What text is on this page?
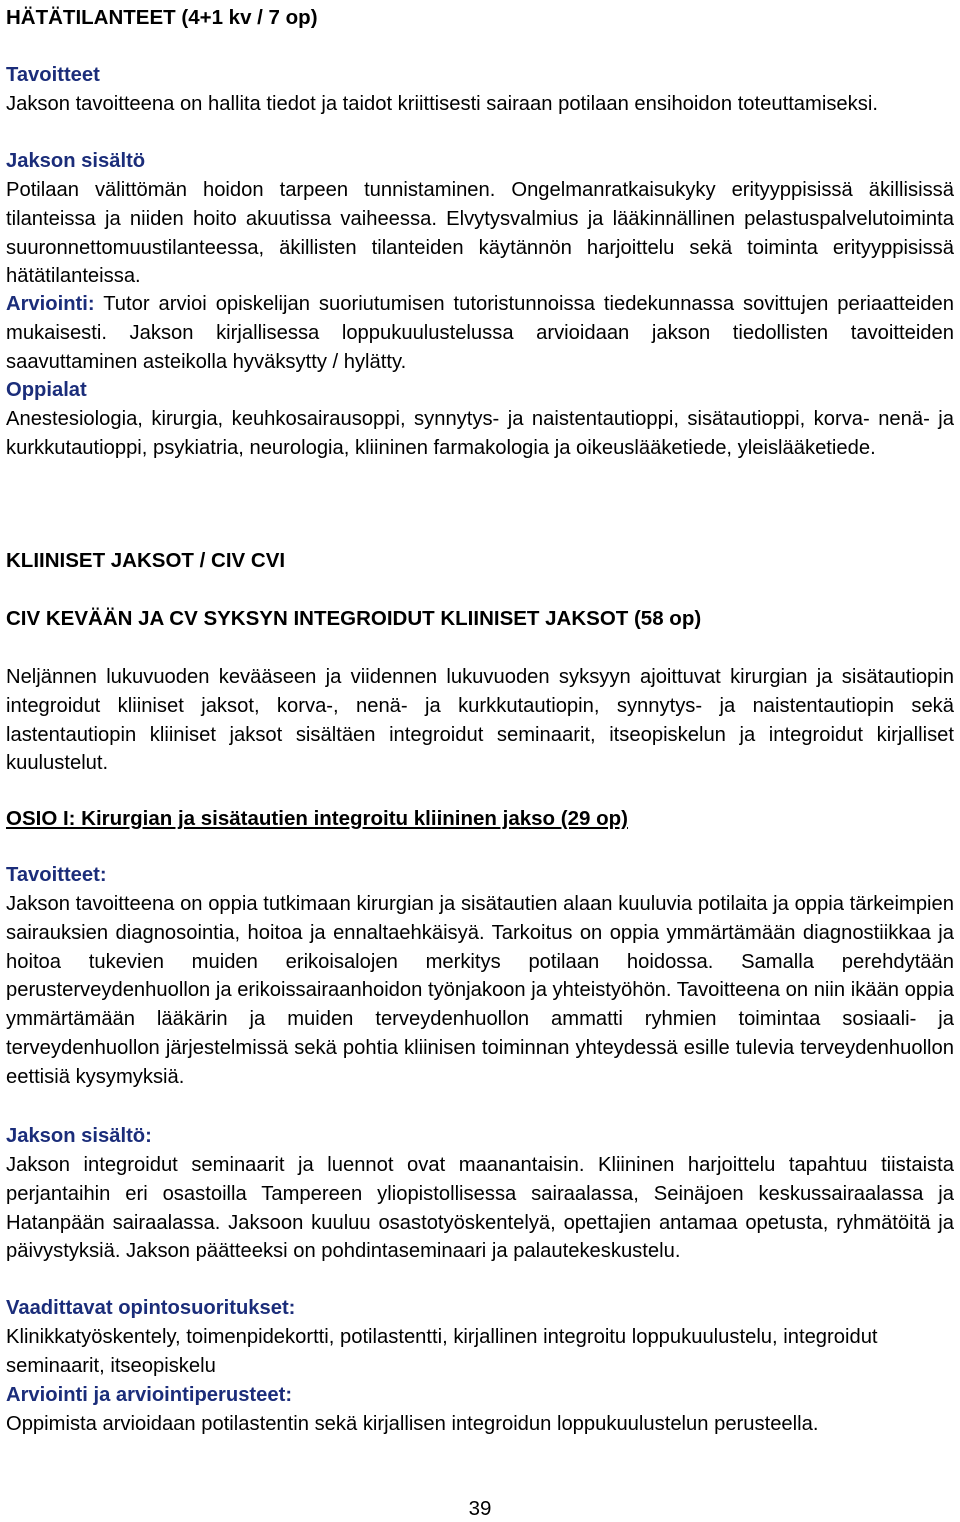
HÄTÄTILANTEET (4+1 kv / 7 op)
Tavoitteet

Jakson tavoitteena on hallita tiedot ja taidot kriittisesti sairaan potilaan ensihoidon toteuttamiseksi.

Jakson sisältö

Potilaan välittömän hoidon tarpeen tunnistaminen. Ongelmanratkaisukyky erityyppisissä äkillisissä tilanteissa ja niiden hoito akuutissa vaiheessa. Elvytysvalmius ja lääkinnällinen pelastuspalvelutoiminta suuronnettomuustilanteessa, äkillisten tilanteiden käytännön harjoittelu sekä toiminta erityyppisissä hätätilanteissa.

Arviointi: Tutor arvioi opiskelijan suoriutumisen tutoristunnoissa tiedekunnassa sovittujen periaatteiden mukaisesti. Jakson kirjallisessa loppukuulustelussa arvioidaan jakson tiedollisten tavoitteiden saavuttaminen asteikolla hyväksytty / hylätty.

Oppialat

Anestesiologia, kirurgia, keuhkosairausoppi, synnytys- ja naistentautioppi, sisätautioppi, korva- nenä- ja kurkkutautioppi, psykiatria, neurologia, kliininen farmakologia ja oikeuslääketiede, yleislääketiede.

KLIINISET JAKSOT / CIV CVI
CIV KEVÄÄN JA CV SYKSYN INTEGROIDUT KLIINISET JAKSOT (58 op)

Neljännen lukuvuoden kevääseen ja viidennen lukuvuoden syksyyn ajoittuvat kirurgian ja sisätautiopin integroidut kliiniset jaksot, korva-, nenä- ja kurkkutautiopin, synnytys- ja naistentautiopin sekä lastentautiopin kliiniset jaksot sisältäen integroidut seminaarit, itseopiskelun ja integroidut kirjalliset kuulustelut.

OSIO I: Kirurgian ja sisätautien integroitu kliininen jakso (29 op)
Tavoitteet:

Jakson tavoitteena on oppia tutkimaan kirurgian ja sisätautien alaan kuuluvia potilaita ja oppia tärkeimpien sairauksien diagnosointia, hoitoa ja ennaltaehkäisyä. Tarkoitus on oppia ymmärtämään diagnostiikkaa ja hoitoa tukevien muiden erikoisalojen merkitys potilaan hoidossa. Samalla perehdytään perusterveydenhuollon ja erikoissairaanhoidon työnjakoon ja yhteistyöhön. Tavoitteena on niin ikään oppia ymmärtämään lääkärin ja muiden terveydenhuollon ammatti ryhmien toimintaa sosiaali- ja terveydenhuollon järjestelmissä sekä pohtia kliinisen toiminnan yhteydessä esille tulevia terveydenhuollon eettisiä kysymyksiä.

Jakson sisältö:

Jakson integroidut seminaarit ja luennot ovat maanantaisin. Kliininen harjoittelu tapahtuu tiistaista perjantaihin eri osastoilla Tampereen yliopistollisessa sairaalassa, Seinäjoen keskussairaalassa ja Hatanpään sairaalassa. Jaksoon kuuluu osastotyöskentelyä, opettajien antamaa opetusta, ryhmätöitä ja päivystyksiä. Jakson päätteeksi on pohdintaseminaari ja palautekeskustelu.

Vaadittavat opintosuoritukset:

Klinikkatyöskentely, toimenpidekortti, potilastentti, kirjallinen integroitu loppukuulustelu, integroidut seminaarit, itseopiskelu

Arviointi ja arviointiperusteet:

Oppimista arvioidaan potilastentin sekä kirjallisen integroidun loppukuulustelun perusteella.

39
